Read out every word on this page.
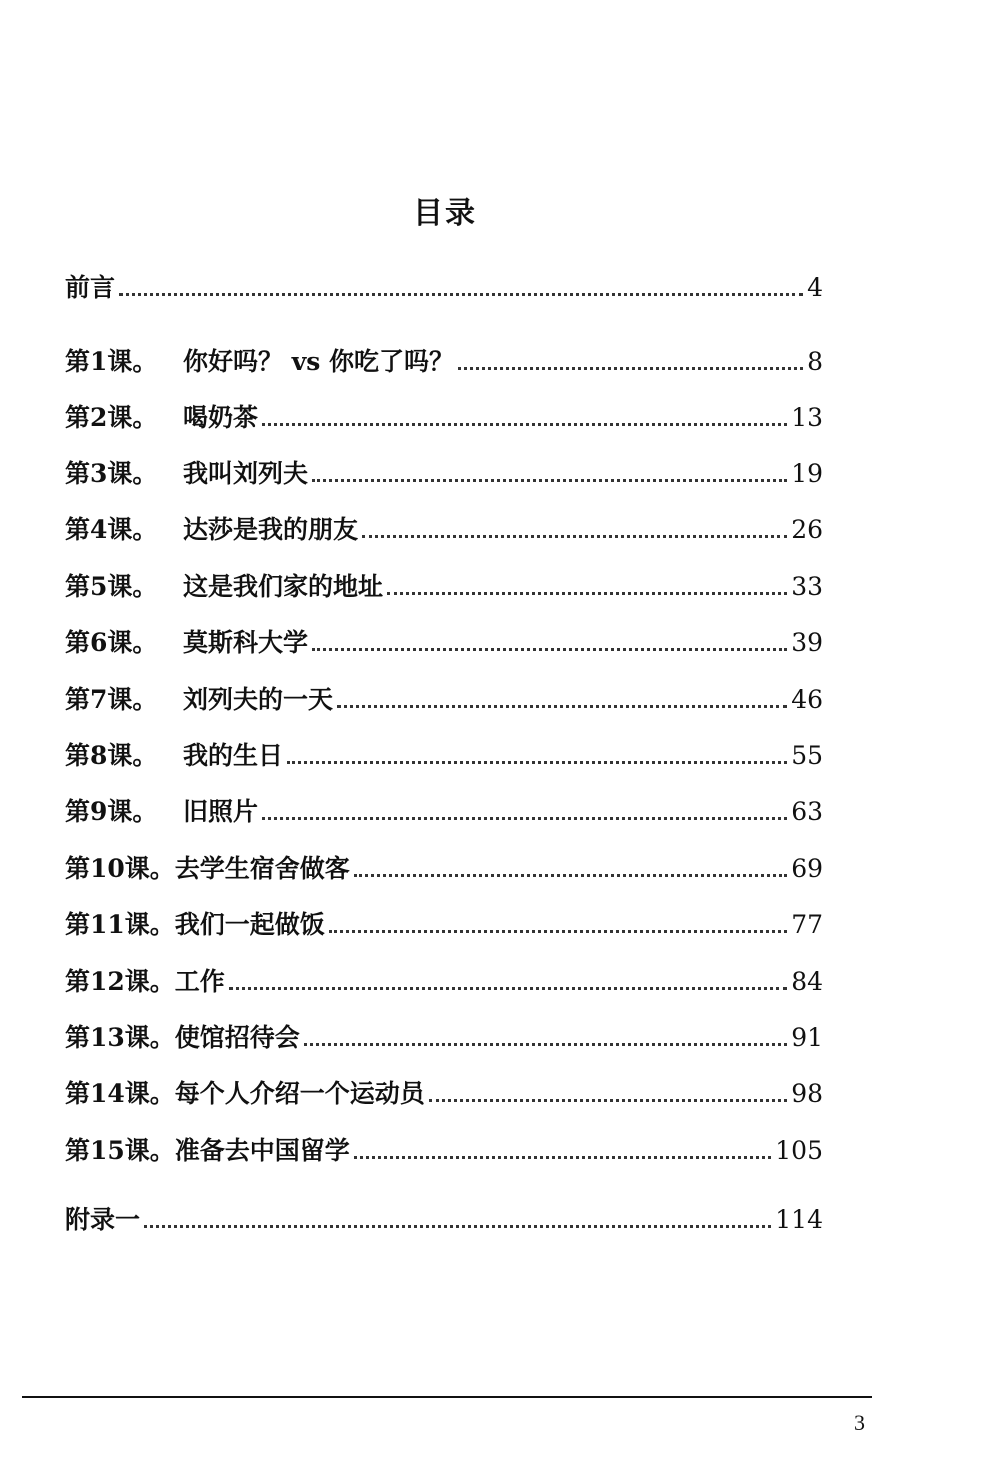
目录
前言	4
第1课。	你好吗？ vs 你吃了吗？	8
第2课。	喝奶茶	13
第3课。	我叫刘列夫	19
第4课。	达莎是我的朋友	26
第5课。	这是我们家的地址	33
第6课。	莫斯科大学	39
第7课。	刘列夫的一天	46
第8课。	我的生日	55
第9课。	旧照片	63
第10课。 去学生宿舍做客	69
第11课。 我们一起做饭	77
第12课。 工作	84
第13课。 使馆招待会	91
第14课。 每个人介绍一个运动员	98
第15课。 准备去中国留学	105
附录一	114
3
